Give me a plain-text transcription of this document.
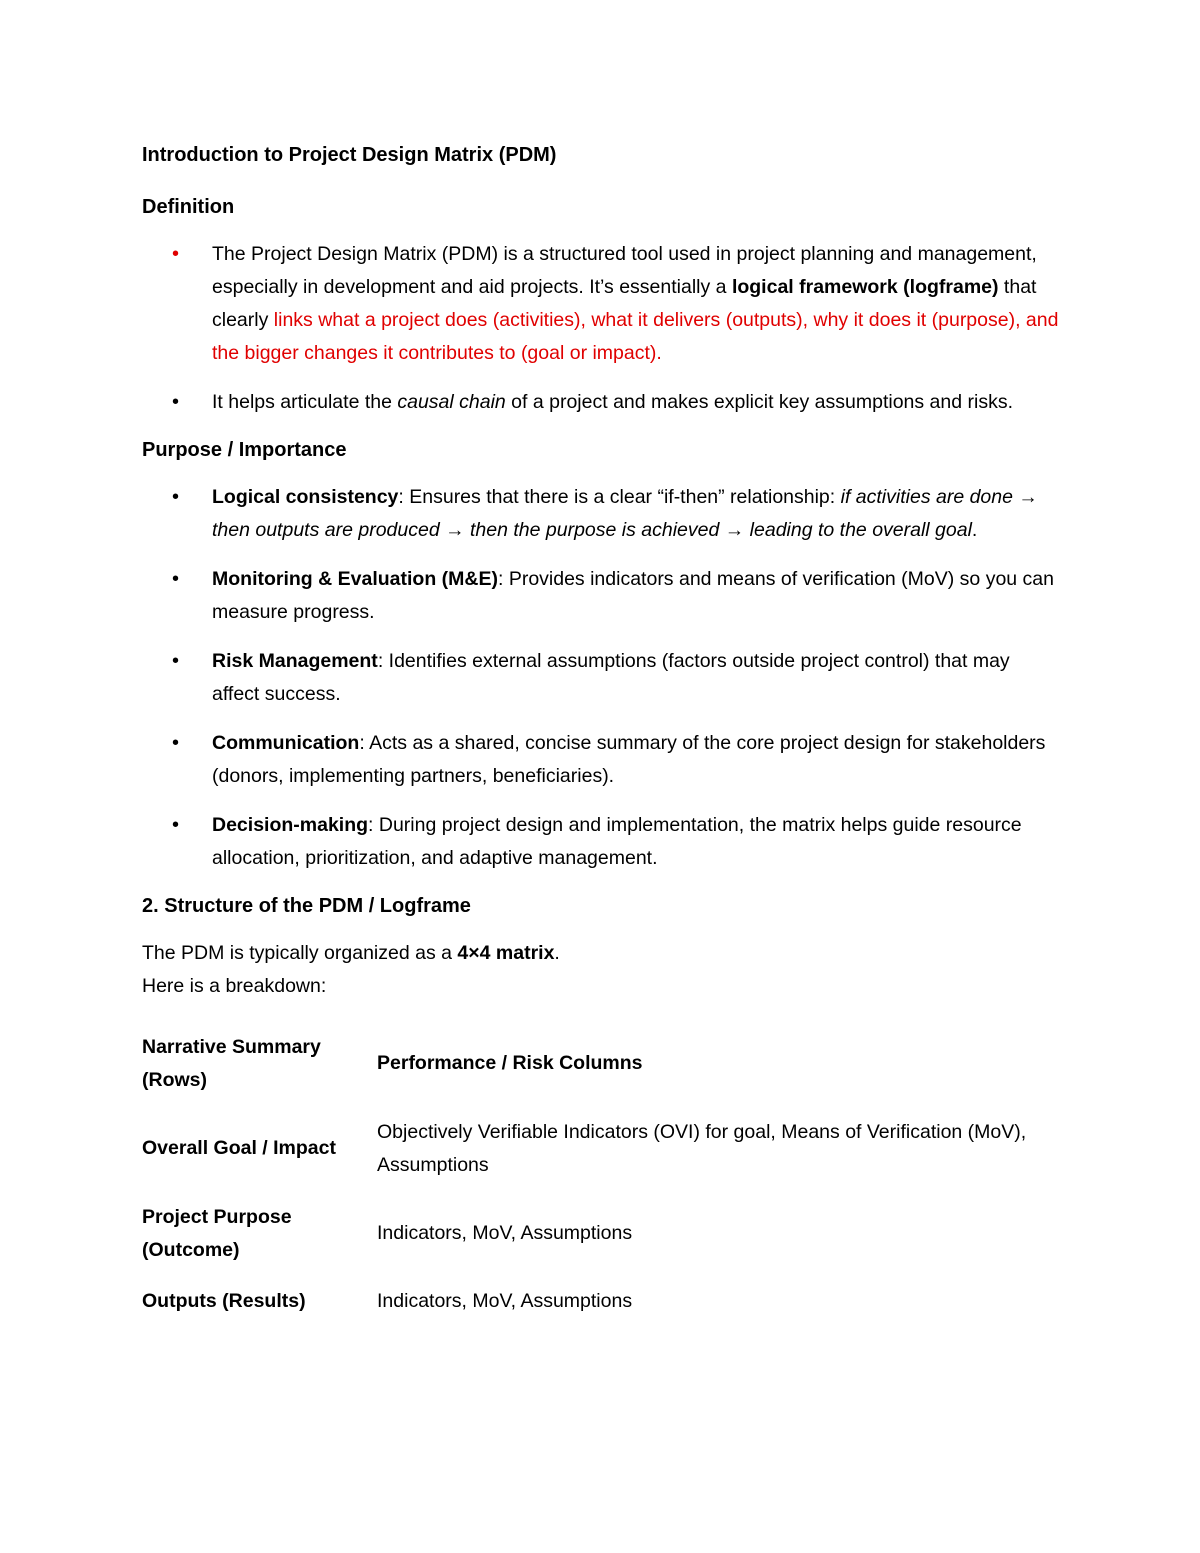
Introduction to Project Design Matrix (PDM)
Definition
• The Project Design Matrix (PDM) is a structured tool used in project planning and management, especially in development and aid projects. It’s essentially a logical framework (logframe) that clearly links what a project does (activities), what it delivers (outputs), why it does it (purpose), and the bigger changes it contributes to (goal or impact).
• It helps articulate the causal chain of a project and makes explicit key assumptions and risks.
Purpose / Importance
• Logical consistency: Ensures that there is a clear “if-then” relationship: if activities are done → then outputs are produced → then the purpose is achieved → leading to the overall goal.
• Monitoring & Evaluation (M&E): Provides indicators and means of verification (MoV) so you can measure progress.
• Risk Management: Identifies external assumptions (factors outside project control) that may affect success.
• Communication: Acts as a shared, concise summary of the core project design for stakeholders (donors, implementing partners, beneficiaries).
• Decision-making: During project design and implementation, the matrix helps guide resource allocation, prioritization, and adaptive management.
2. Structure of the PDM / Logframe
The PDM is typically organized as a 4×4 matrix.
Here is a breakdown:
Narrative Summary (Rows)	Performance / Risk Columns
Overall Goal / Impact	Objectively Verifiable Indicators (OVI) for goal, Means of Verification (MoV), Assumptions
Project Purpose (Outcome)	Indicators, MoV, Assumptions
Outputs (Results)	Indicators, MoV, Assumptions
